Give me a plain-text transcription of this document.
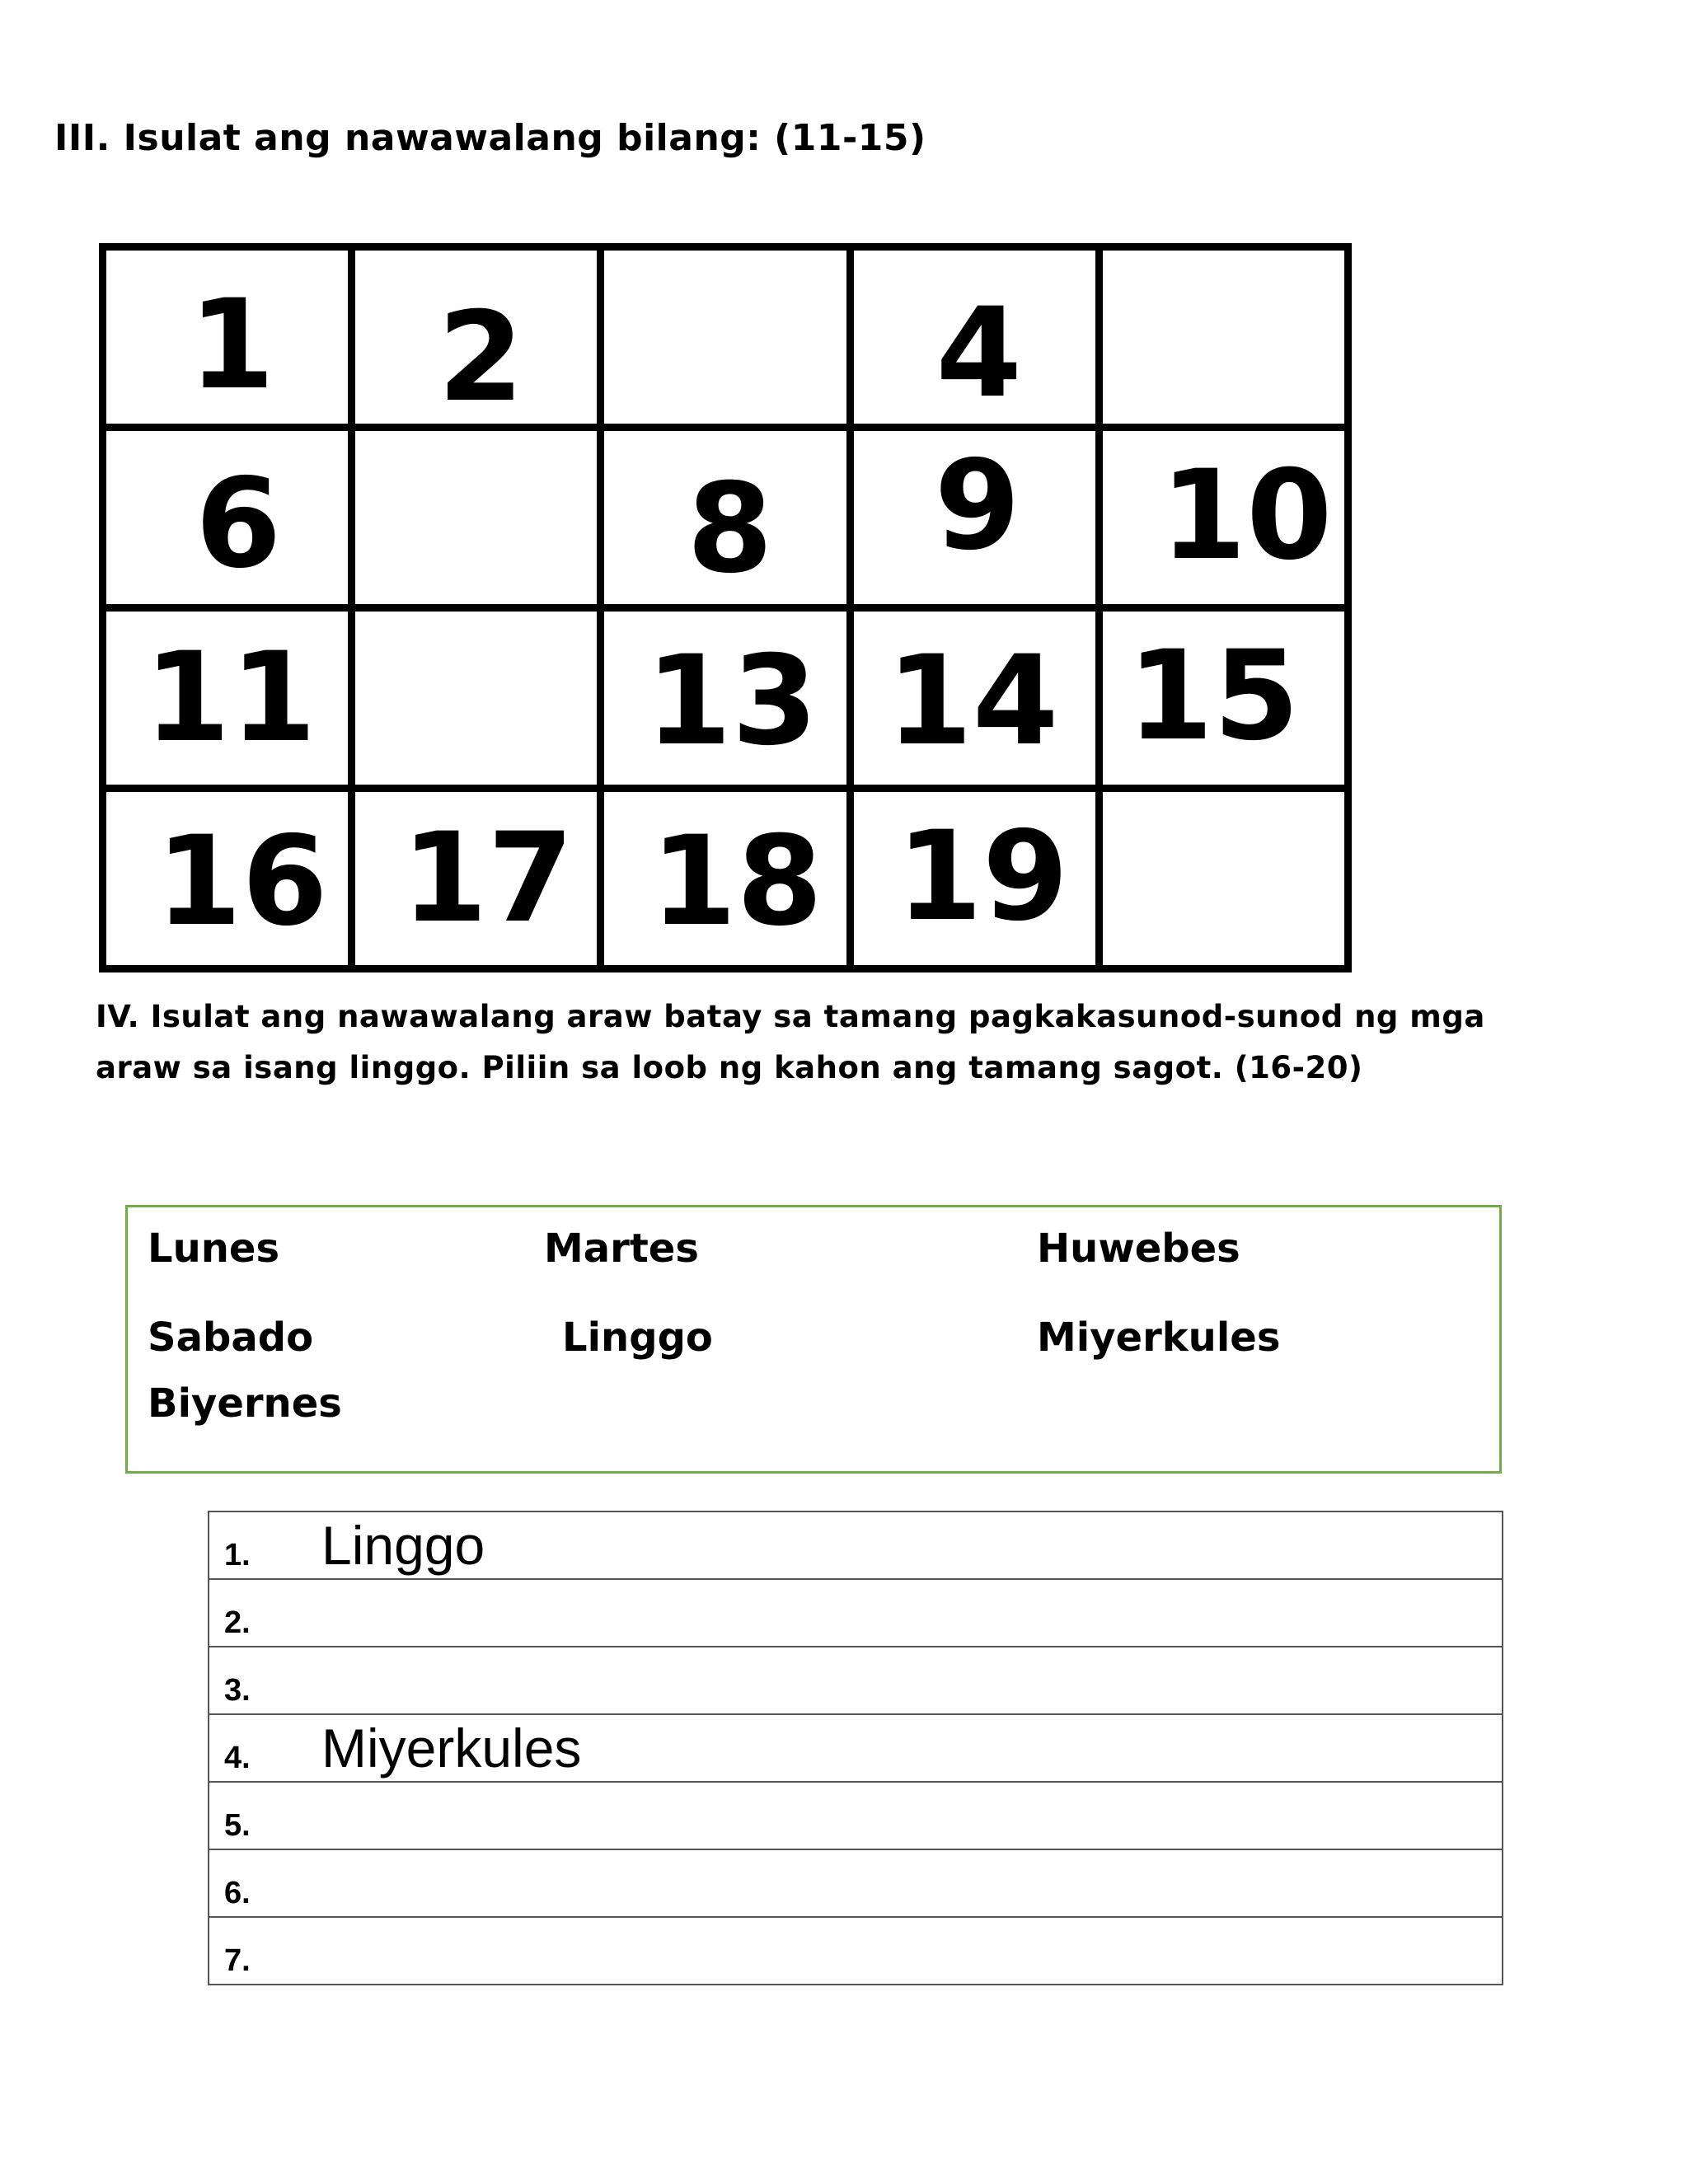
III. Isulat ang nawawalang bilang: (11-15)
1	2		4	

6		8	9	10

11		13	14	15

16	17	18	19	

IV. Isulat ang nawawalang araw batay sa tamang pagkakasunod-sunod ng mga araw sa isang linggo. Piliin sa loob ng kahon ang tamang sagot. (16-20)
Lunes	Martes	Huwebes
Sabado	Linggo	Miyerkules
Biyernes
1. Linggo

2.

3.

4. Miyerkules

5.

6.

7.
